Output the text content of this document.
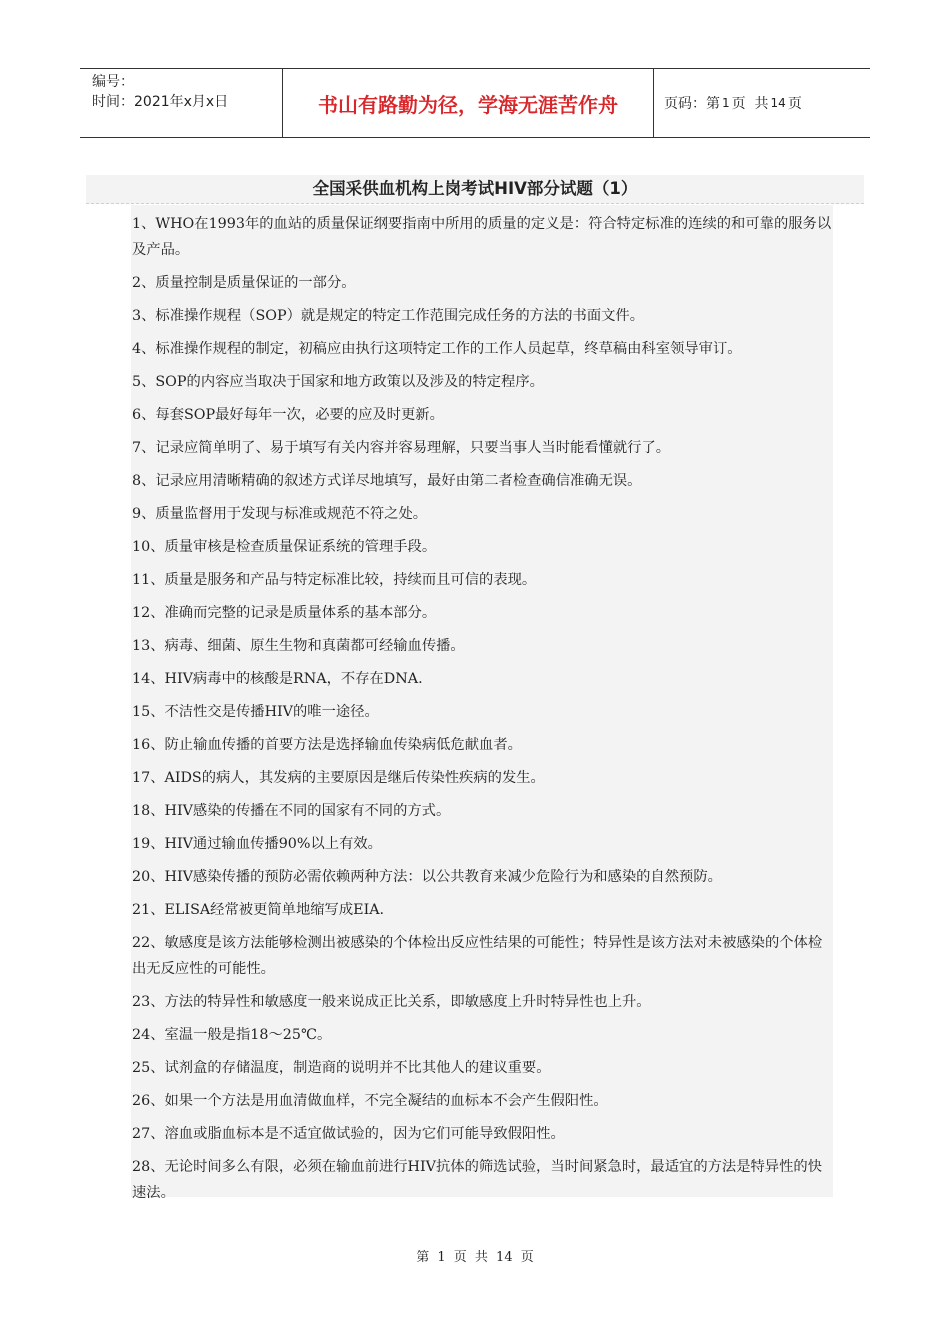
编号：
时间：2021年x月x日	书山有路勤为径，学海无涯苦作舟	页码：第 1 页  共 14 页
全国采供血机构上岗考试HIV部分试题（1）

1、WHO在1993年的血站的质量保证纲要指南中所用的质量的定义是：符合特定标准的连续的和可靠的服务以及产品。

2、质量控制是质量保证的一部分。

3、标准操作规程（SOP）就是规定的特定工作范围完成任务的方法的书面文件。

4、标准操作规程的制定，初稿应由执行这项特定工作的工作人员起草，终草稿由科室领导审订。

5、SOP的内容应当取决于国家和地方政策以及涉及的特定程序。

6、每套SOP最好每年一次，必要的应及时更新。

7、记录应简单明了、易于填写有关内容并容易理解，只要当事人当时能看懂就行了。

8、记录应用清晰精确的叙述方式详尽地填写，最好由第二者检查确信准确无误。

9、质量监督用于发现与标准或规范不符之处。

10、质量审核是检查质量保证系统的管理手段。

11、质量是服务和产品与特定标准比较，持续而且可信的表现。

12、准确而完整的记录是质量体系的基本部分。

13、病毒、细菌、原生生物和真菌都可经输血传播。

14、HIV病毒中的核酸是RNA，不存在DNA.

15、不洁性交是传播HIV的唯一途径。

16、防止输血传播的首要方法是选择输血传染病低危献血者。

17、AIDS的病人，其发病的主要原因是继后传染性疾病的发生。

18、HIV感染的传播在不同的国家有不同的方式。

19、HIV通过输血传播90%以上有效。

20、HIV感染传播的预防必需依赖两种方法：以公共教育来减少危险行为和感染的自然预防。

21、ELISA经常被更简单地缩写成EIA.

22、敏感度是该方法能够检测出被感染的个体检出反应性结果的可能性；特异性是该方法对未被感染的个体检出无反应性的可能性。

23、方法的特异性和敏感度一般来说成正比关系，即敏感度上升时特异性也上升。

24、室温一般是指18～25℃。

25、试剂盒的存储温度，制造商的说明并不比其他人的建议重要。

26、如果一个方法是用血清做血样，不完全凝结的血标本不会产生假阳性。

27、溶血或脂血标本是不适宜做试验的，因为它们可能导致假阳性。

28、无论时间多么有限，必须在输血前进行HIV抗体的筛选试验，当时间紧急时，最适宜的方法是特异性的快速法。

第 1 页 共 14 页
